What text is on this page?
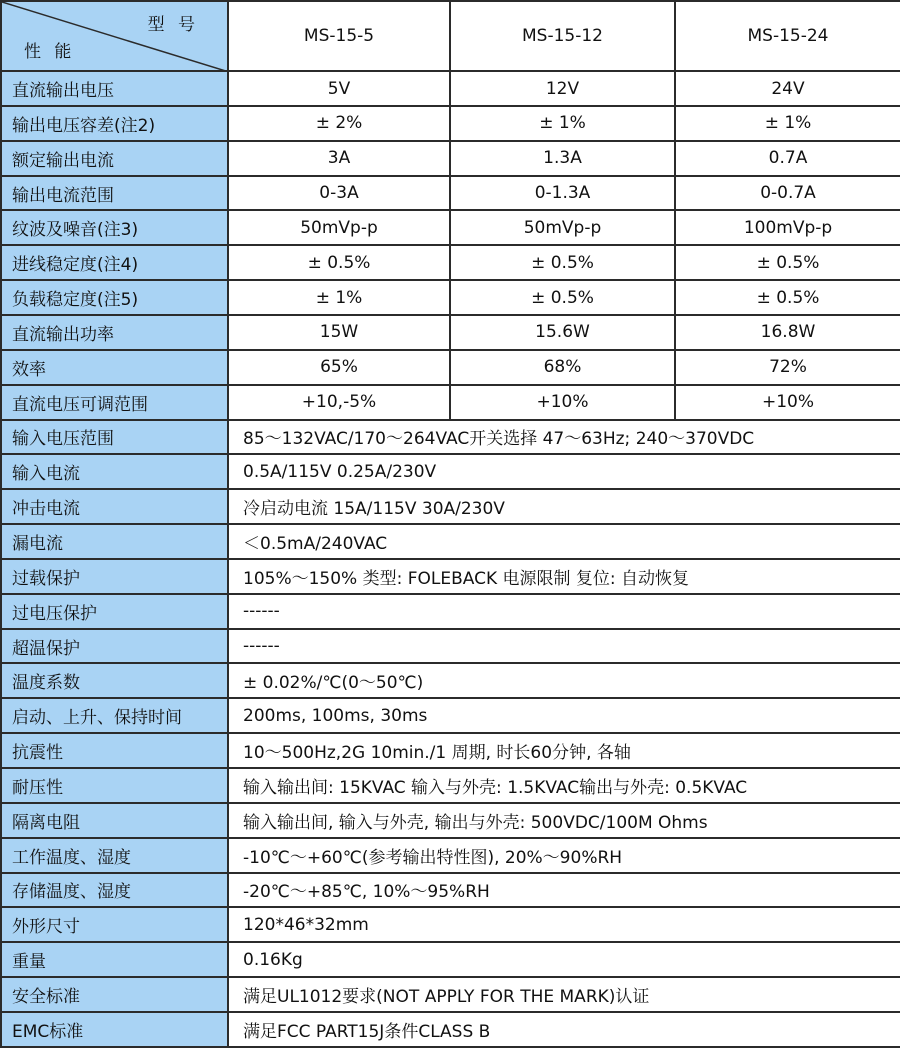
型 号
性 能	MS-15-5	MS-15-12	MS-15-24
直流输出电压	5V	12V	24V
输出电压容差(注2)	± 2%	± 1%	± 1%
额定输出电流	3A	1.3A	0.7A
输出电流范围	0-3A	0-1.3A	0-0.7A
纹波及噪音(注3)	50mVp-p	50mVp-p	100mVp-p
进线稳定度(注4)	± 0.5%	± 0.5%	± 0.5%
负载稳定度(注5)	± 1%	± 0.5%	± 0.5%
直流输出功率	15W	15.6W	16.8W
效率	65%	68%	72%
直流电压可调范围	+10,-5%	+10%	+10%
输入电压范围	85～132VAC/170～264VAC开关选择 47～63Hz; 240～370VDC		
输入电流	0.5A/115V 0.25A/230V		
冲击电流	冷启动电流 15A/115V 30A/230V		
漏电流	＜0.5mA/240VAC		
过载保护	105%～150% 类型: FOLEBACK 电源限制 复位: 自动恢复		
过电压保护	------		
超温保护	------		
温度系数	± 0.02%/℃(0～50℃)		
启动、上升、保持时间	200ms, 100ms, 30ms		
抗震性	10～500Hz,2G 10min./1 周期, 时长60分钟, 各轴		
耐压性	输入输出间: 15KVAC 输入与外壳: 1.5KVAC输出与外壳: 0.5KVAC		
隔离电阻	输入输出间, 输入与外壳, 输出与外壳: 500VDC/100M Ohms		
工作温度、湿度	-10℃～+60℃(参考输出特性图), 20%～90%RH		
存储温度、湿度	-20℃～+85℃, 10%～95%RH		
外形尺寸	120*46*32mm		
重量	0.16Kg		
安全标准	满足UL1012要求(NOT APPLY FOR THE MARK)认证		
EMC标准	满足FCC PART15J条件CLASS B		
